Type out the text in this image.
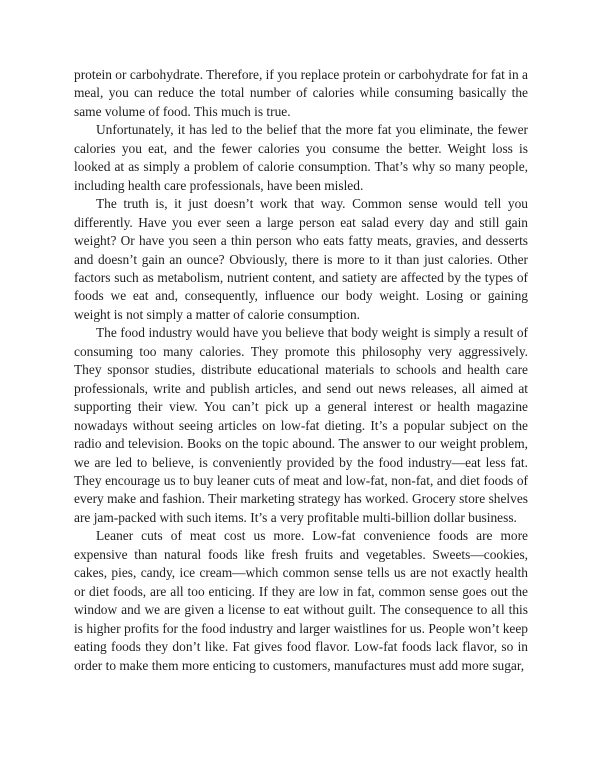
protein or carbohydrate. Therefore, if you replace protein or carbohydrate for fat in a meal, you can reduce the total number of calories while consuming basically the same volume of food. This much is true.

Unfortunately, it has led to the belief that the more fat you eliminate, the fewer calories you eat, and the fewer calories you consume the better. Weight loss is looked at as simply a problem of calorie consumption. That’s why so many people, including health care professionals, have been misled.

The truth is, it just doesn’t work that way. Common sense would tell you differently. Have you ever seen a large person eat salad every day and still gain weight? Or have you seen a thin person who eats fatty meats, gravies, and desserts and doesn’t gain an ounce? Obviously, there is more to it than just calories. Other factors such as metabolism, nutrient content, and satiety are affected by the types of foods we eat and, consequently, influence our body weight. Losing or gaining weight is not simply a matter of calorie consumption.

The food industry would have you believe that body weight is simply a result of consuming too many calories. They promote this philosophy very aggressively. They sponsor studies, distribute educational materials to schools and health care professionals, write and publish articles, and send out news releases, all aimed at supporting their view. You can’t pick up a general interest or health magazine nowadays without seeing articles on low-fat dieting. It’s a popular subject on the radio and television. Books on the topic abound. The answer to our weight problem, we are led to believe, is conveniently provided by the food industry—eat less fat. They encourage us to buy leaner cuts of meat and low-fat, non-fat, and diet foods of every make and fashion. Their marketing strategy has worked. Grocery store shelves are jam-packed with such items. It’s a very profitable multi-billion dollar business.

Leaner cuts of meat cost us more. Low-fat convenience foods are more expensive than natural foods like fresh fruits and vegetables. Sweets—cookies, cakes, pies, candy, ice cream—which common sense tells us are not exactly health or diet foods, are all too enticing. If they are low in fat, common sense goes out the window and we are given a license to eat without guilt. The consequence to all this is higher profits for the food industry and larger waistlines for us. People won’t keep eating foods they don’t like. Fat gives food flavor. Low-fat foods lack flavor, so in order to make them more enticing to customers, manufactures must add more sugar,
